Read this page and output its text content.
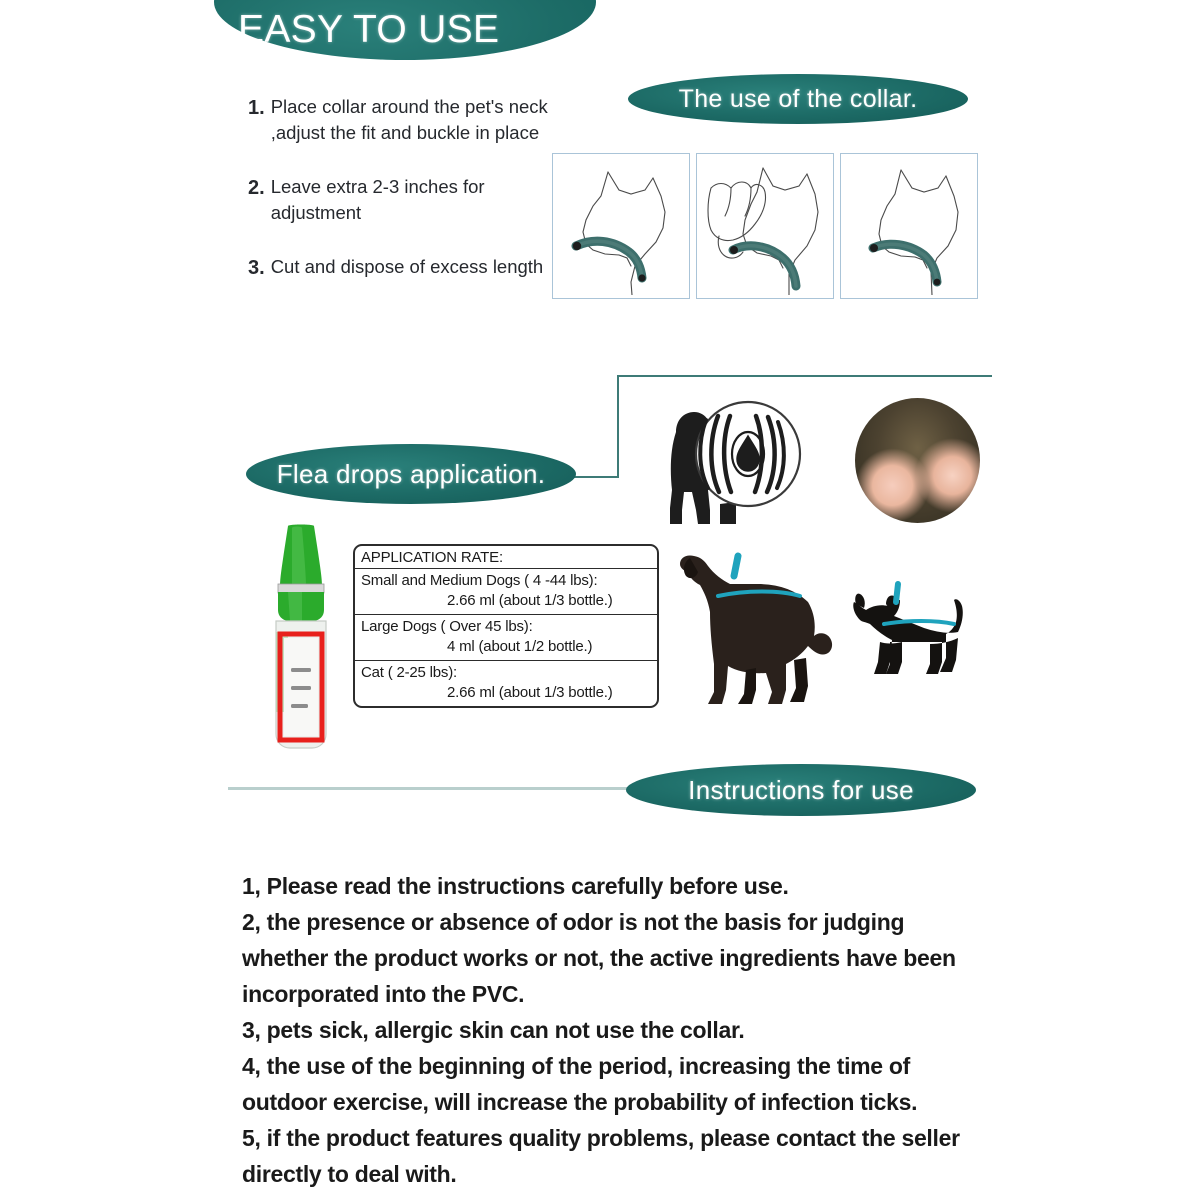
EASY TO USE
1. Place collar around the pet's neck ,adjust the fit and buckle in place
2. Leave extra 2-3 inches for adjustment
3. Cut and dispose of excess length
The use of the collar.
Flea drops application.
APPLICATION RATE:
Small and Medium Dogs ( 4 -44 lbs):
2.66 ml (about 1/3 bottle.)
Large Dogs ( Over 45 lbs):
4 ml (about 1/2 bottle.)
Cat ( 2-25 lbs):
2.66 ml (about 1/3 bottle.)
Instructions for use
1, Please read the instructions carefully before use.
2, the presence or absence of odor is not the basis for judging whether the product works or not, the active ingredients have been incorporated into the PVC.
3, pets sick, allergic skin can not use the collar.
4, the use of the beginning of the period, increasing the time of outdoor exercise, will increase the probability of infection ticks.
5, if the product features quality problems, please contact the seller directly to deal with.
